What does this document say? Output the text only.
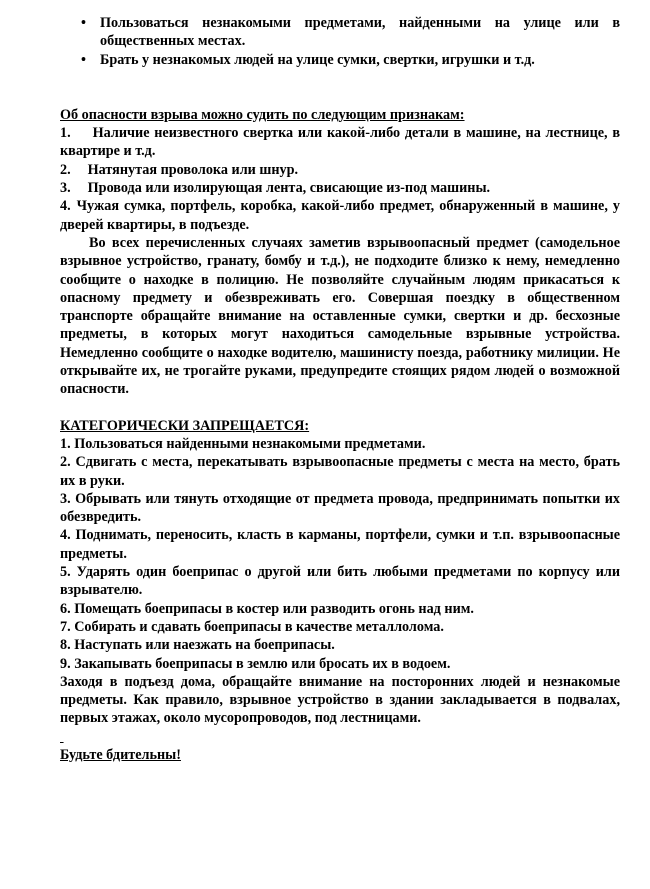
• Пользоваться незнакомыми предметами, найденными на улице или в общественных местах.
• Брать у незнакомых людей на улице сумки, свертки, игрушки и т.д.

Об опасности взрыва можно судить по следующим признакам:

1. Наличие неизвестного свертка или какой-либо детали в машине, на лестнице, в квартире и т.д.

2. Натянутая проволока или шнур.

3. Провода или изолирующая лента, свисающие из-под машины.

4. Чужая сумка, портфель, коробка, какой-либо предмет, обнаруженный в машине, у дверей квартиры, в подъезде.

Во всех перечисленных случаях заметив взрывоопасный предмет (самодельное взрывное устройство, гранату, бомбу и т.д.), не подходите близко к нему, немедленно сообщите о находке в полицию. Не позволяйте случайным людям прикасаться к опасному предмету и обезвреживать его. Совершая поездку в общественном транспорте обращайте внимание на оставленные сумки, свертки и др. бесхозные предметы, в которых могут находиться самодельные взрывные устройства. Немедленно сообщите о находке водителю, машинисту поезда, работнику милиции. Не открывайте их, не трогайте руками, предупредите стоящих рядом людей о возможной опасности.

КАТЕГОРИЧЕСКИ ЗАПРЕЩАЕТСЯ:

1. Пользоваться найденными незнакомыми предметами.

2. Сдвигать с места, перекатывать взрывоопасные предметы с места на место, брать их в руки.

3. Обрывать или тянуть отходящие от предмета провода, предпринимать попытки их обезвредить.

4. Поднимать, переносить, класть в карманы, портфели, сумки и т.п. взрывоопасные предметы.

5. Ударять один боеприпас о другой или бить любыми предметами по корпусу или взрывателю.

6. Помещать боеприпасы в костер или разводить огонь над ним.

7. Собирать и сдавать боеприпасы в качестве металлолома.

8. Наступать или наезжать на боеприпасы.

9. Закапывать боеприпасы в землю или бросать их в водоем.

Заходя в подъезд дома, обращайте внимание на посторонних людей и незнакомые предметы. Как правило, взрывное устройство в здании закладывается в подвалах, первых этажах, около мусоропроводов, под лестницами.

Будьте бдительны!
